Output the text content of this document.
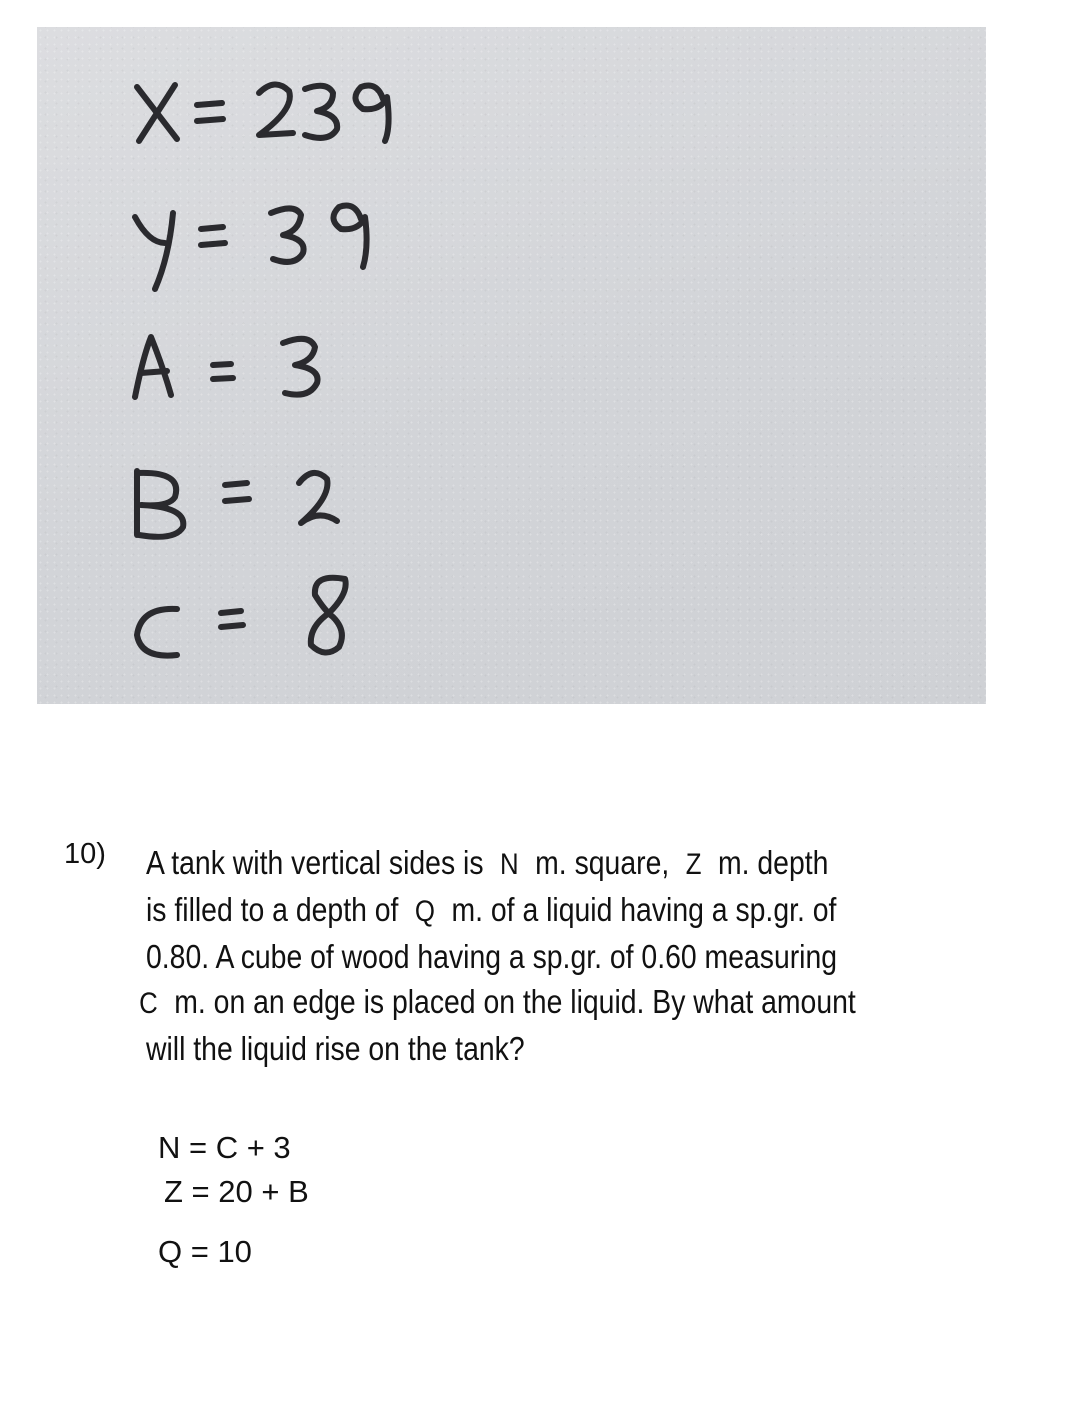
10) A tank with vertical sides is N m. square, Z m. depth
is filled to a depth of Q m. of a liquid having a sp.gr. of
0.80. A cube of wood having a sp.gr. of 0.60 measuring
C m. on an edge is placed on the liquid. By what amount
will the liquid rise on the tank?
N = C + 3
Z = 20 + B
Q = 10
